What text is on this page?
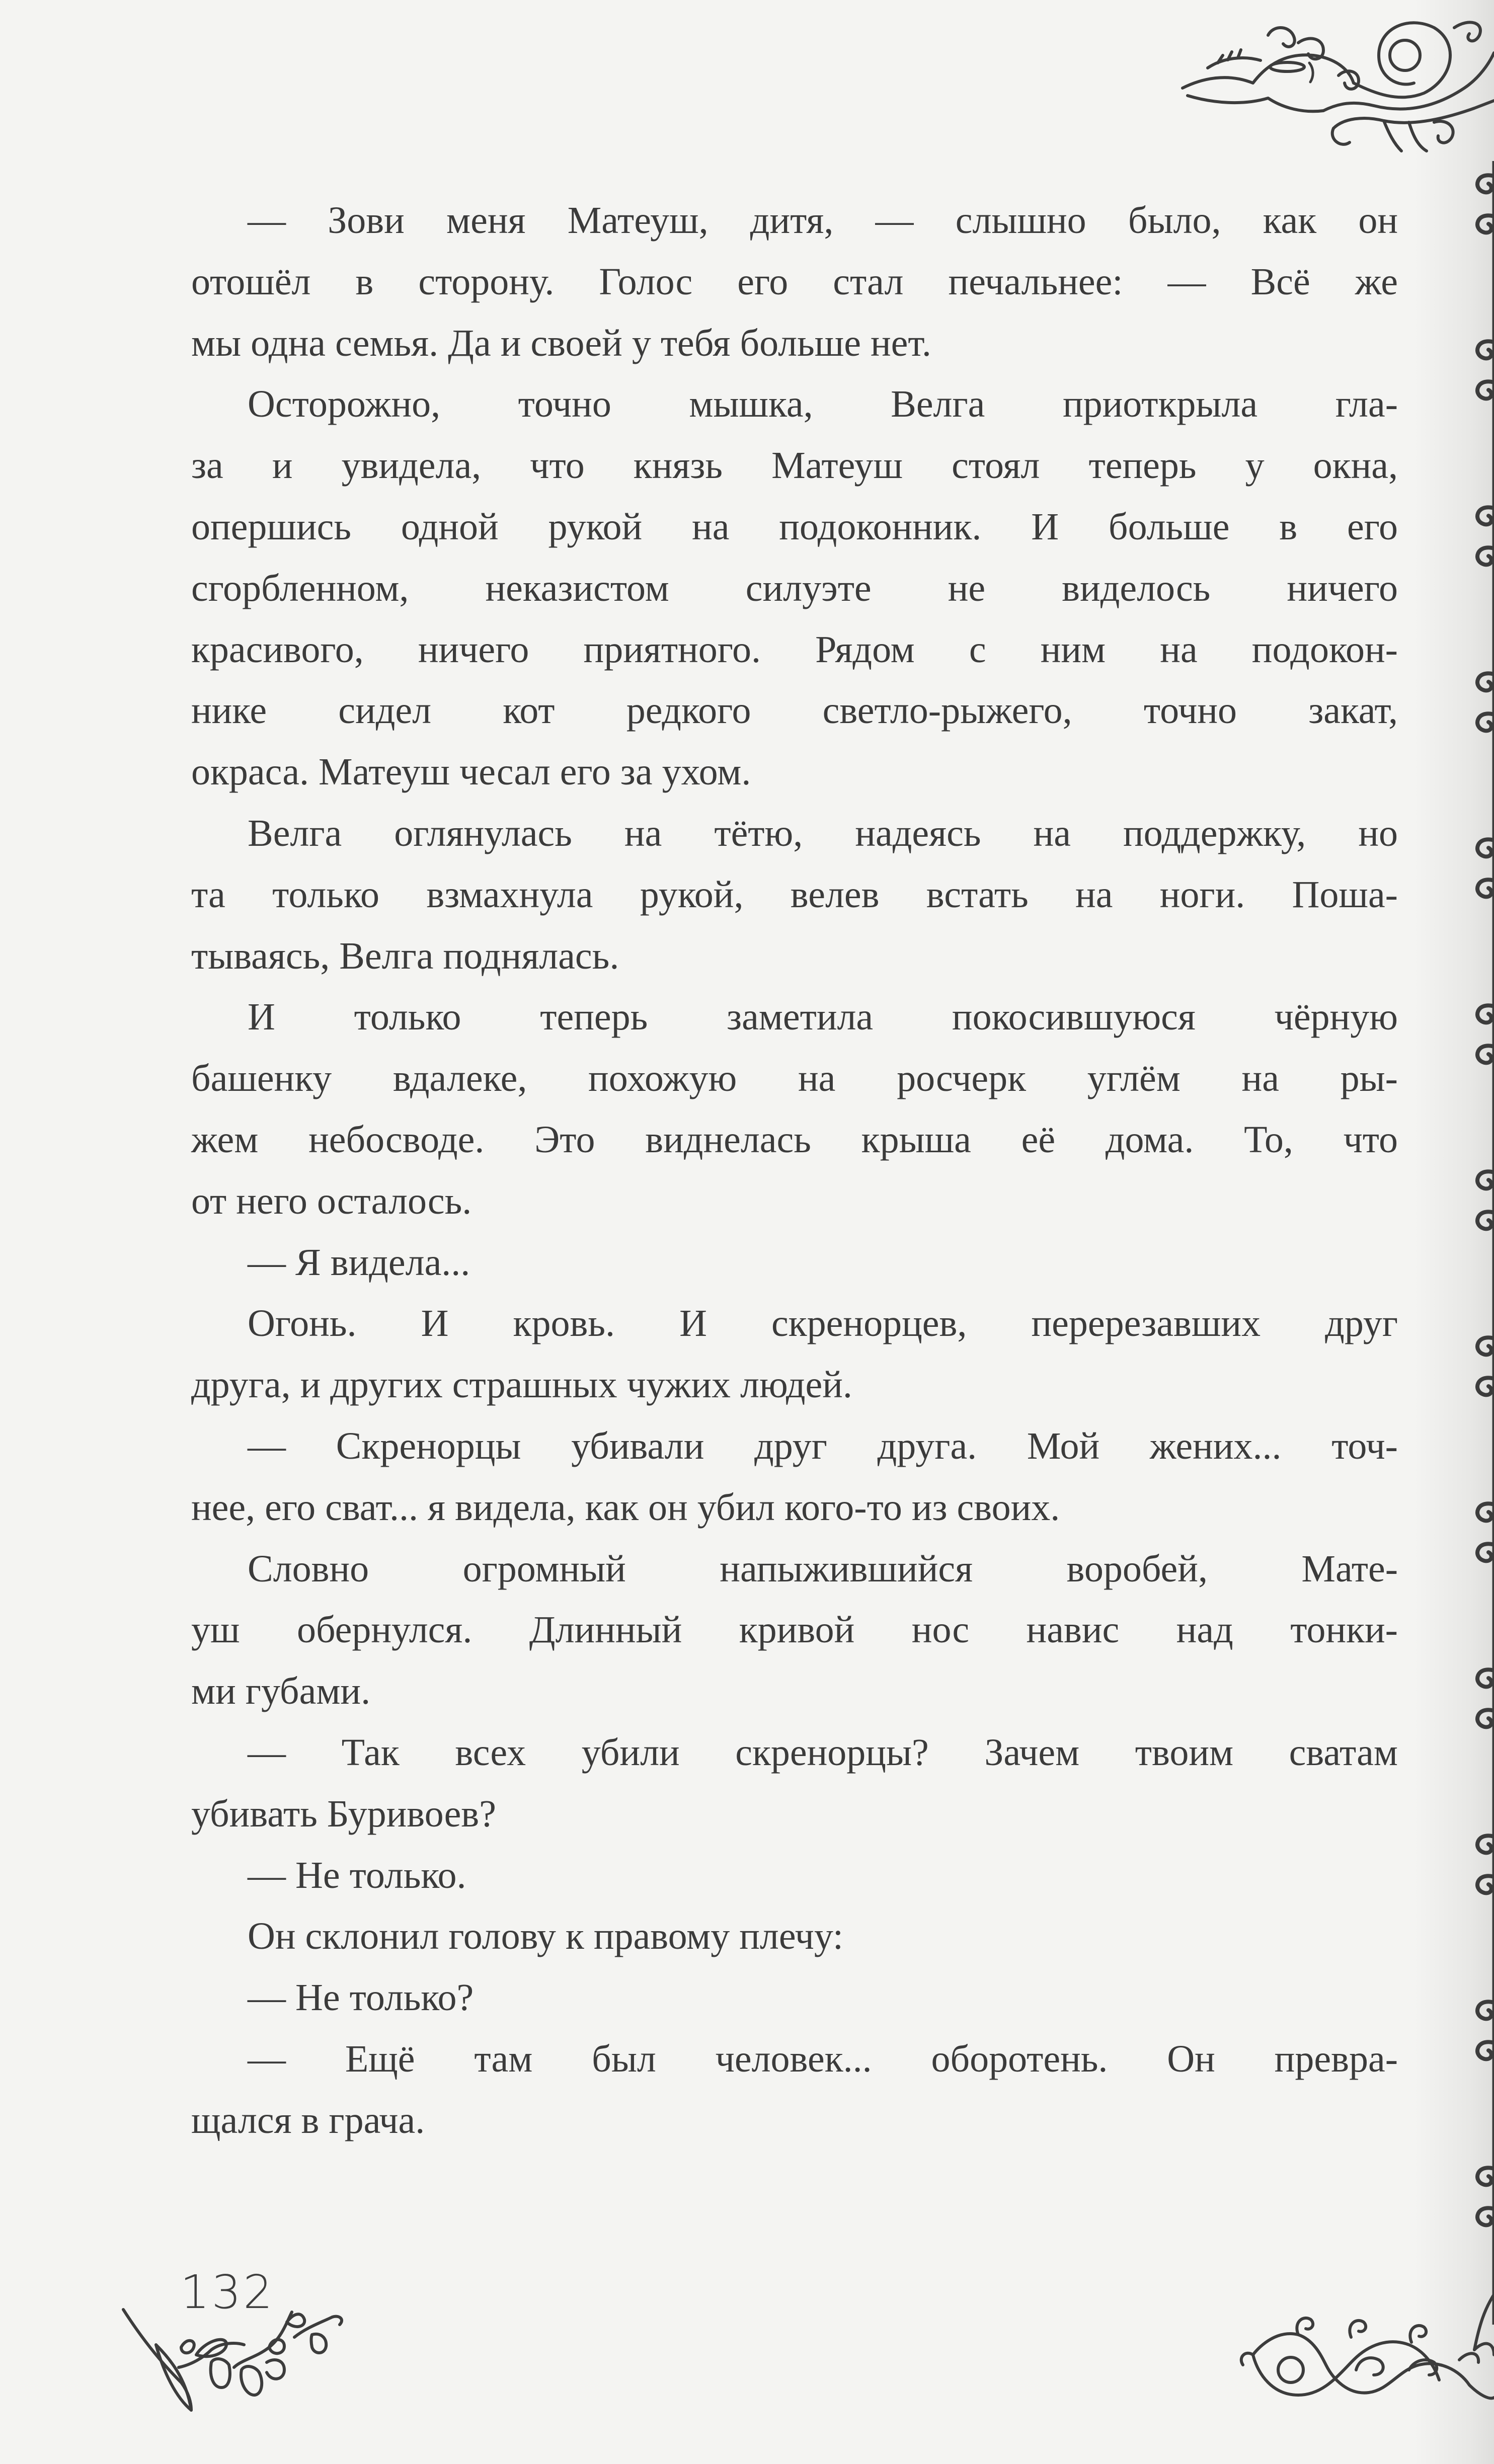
— Зови меня Матеуш, дитя, — слышно было, как он
отошёл в сторону. Голос его стал печальнее: — Всё же
мы одна семья. Да и своей у тебя больше нет.
Осторожно, точно мышка, Велга приоткрыла гла-
за и увидела, что князь Матеуш стоял теперь у окна,
опершись одной рукой на подоконник. И больше в его
сгорбленном, неказистом силуэте не виделось ничего
красивого, ничего приятного. Рядом с ним на подокон-
нике сидел кот редкого светло-рыжего, точно закат,
окраса. Матеуш чесал его за ухом.
Велга оглянулась на тётю, надеясь на поддержку, но
та только взмахнула рукой, велев встать на ноги. Поша-
тываясь, Велга поднялась.
И только теперь заметила покосившуюся чёрную
башенку вдалеке, похожую на росчерк углём на ры-
жем небосводе. Это виднелась крыша её дома. То, что
от него осталось.
— Я видела...
Огонь. И кровь. И скренорцев, перерезавших друг
друга, и других страшных чужих людей.
— Скренорцы убивали друг друга. Мой жених... точ-
нее, его сват... я видела, как он убил кого-то из своих.
Словно огромный напыжившийся воробей, Мате-
уш обернулся. Длинный кривой нос навис над тонки-
ми губами.
— Так всех убили скренорцы? Зачем твоим сватам
убивать Буривоев?
— Не только.
Он склонил голову к правому плечу:
— Не только?
— Ещё там был человек... оборотень. Он превра-
щался в грача.
132
